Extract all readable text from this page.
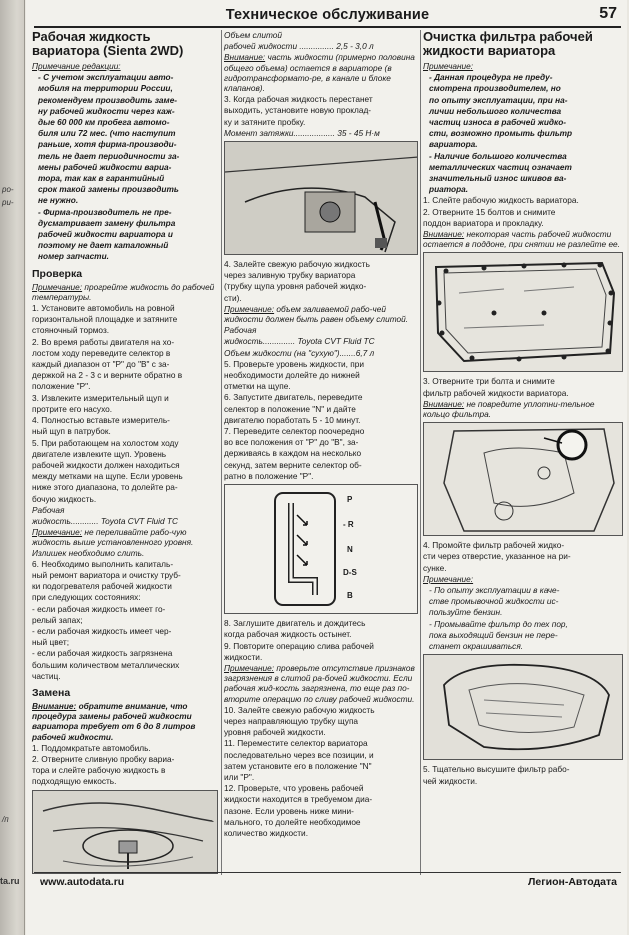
ро-
ри-
/п
ta.ru
Техническое обслуживание	57
Рабочая жидкость вариатора (Sienta 2WD)

Примечание редакции:

- С учетом эксплуатации авто-

мобиля на территории России,

рекомендуем производить заме-

ну рабочей жидкости через каж-

дые 60 000 км пробега автомо-

биля или 72 мес. (что наступит

раньше, хотя фирма-производи-

тель не дает периодичности за-

мены рабочей жидкости вариа-

тора, так как в гарантийный

срок такой замены производить

не нужно.

- Фирма-производитель не пре-

дусматривает замену фильтра

рабочей жидкости вариатора и

поэтому не дает каталожный

номер запчасти.

Проверка

Примечание: прогрейте жидкость до рабочей температуры.

1. Установите автомобиль на ровной

горизонтальной площадке и затяните

стояночный тормоз.

2. Во время работы двигателя на хо-

лостом ходу переведите селектор в

каждый диапазон от "P" до "B" с за-

держкой на 2 - 3 с и верните обратно в

положение "P".

3. Извлеките измерительный щуп и

протрите его насухо.

4. Полностью вставьте измеритель-

ный щуп в патрубок.

5. При работающем на холостом ходу

двигателе извлеките щуп. Уровень

рабочей жидкости должен находиться

между метками на щупе. Если уровень

ниже этого диапазона, то долейте ра-

бочую жидкость.

Рабочая

жидкость............ Toyota CVT Fluid TC

Примечание: не переливайте рабо-чую жидкость выше установленного уровня. Излишек необходимо слить.

6. Необходимо выполнить капиталь-

ный ремонт вариатора и очистку труб-

ки подогревателя рабочей жидкости

при следующих состояниях:

- если рабочая жидкость имеет го-

релый запах;

- если рабочая жидкость имеет чер-

ный цвет;

- если рабочая жидкость загрязнена

большим количеством металлических

частиц.

Замена

Внимание: обратите внимание, что процедура замены рабочей жидкости вариатора требует от 6 до 8 литров рабочей жидкости.

1. Поддомкратьте автомобиль.

2. Отверните сливную пробку вариа-

тора и слейте рабочую жидкость в

подходящую емкость.

Объем слитой

рабочей жидкости ............... 2,5 - 3,0 л

Внимание: часть жидкости (примерно половина общего объема) остается в вариаторе (в гидротрансформато-ре, в канале и блоке клапанов).

3. Когда рабочая жидкость перестанет

выходить, установите новую проклад-

ку и затяните пробку.

Момент затяжки.................. 35 - 45 Н·м

4. Залейте свежую рабочую жидкость

через заливную трубку вариатора

(трубку щупа уровня рабочей жидко-

сти).

Примечание: объем заливаемой рабо-чей жидкости должен быть равен объему слитой.

Рабочая

жидкость.............. Toyota CVT Fluid TC

Объем жидкости (на "сухую").......6,7 л

5. Проверьте уровень жидкости, при

необходимости долейте до нижней

отметки на щупе.

6. Запустите двигатель, переведите

селектор в положение "N" и дайте

двигателю поработать 5 - 10 минут.

7. Переведите селектор поочередно

во все положения от "P" до "B", за-

держиваясь в каждом на несколько

секунд, затем верните селектор об-

ратно в положение "P".

P
- R
N
D-S
B

8. Заглушите двигатель и дождитесь

когда рабочая жидкость остынет.

9. Повторите операцию слива рабочей

жидкости.

Примечание: проверьте отсутствие признаков загрязнения в слитой ра-бочей жидкости. Если рабочая жид-кость загрязнена, то еще раз по-вторите операцию по сливу рабочей жидкости.

10. Залейте свежую рабочую жидкость

через направляющую трубку щупа

уровня рабочей жидкости.

11. Переместите селектор вариатора

последовательно через все позиции, и

затем установите его в положение "N"

или "P".

12. Проверьте, что уровень рабочей

жидкости находится в требуемом диа-

пазоне. Если уровень ниже мини-

мального, то долейте необходимое

количество жидкости.

Очистка фильтра рабочей жидкости вариатора

Примечание:

- Данная процедура не преду-

смотрена производителем, но

по опыту эксплуатации, при на-

личии небольшого количества

частиц износа в рабочей жидко-

сти, возможно промыть фильтр

вариатора.

- Наличие большого количества

металлических частиц означает

значительный износ шкивов ва-

риатора.

1. Слейте рабочую жидкость вариатора.

2. Отверните 15 болтов и снимите

поддон вариатора и прокладку.

Внимание: некоторая часть рабочей жидкости остается в поддоне, при снятии не разлейте ее.

3. Отверните три болта и снимите

фильтр рабочей жидкости вариатора.

Внимание: не повредите уплотни-тельное кольцо фильтра.

4. Промойте фильтр рабочей жидко-

сти через отверстие, указанное на ри-

сунке.

Примечание:

- По опыту эксплуатации в каче-

стве промывочной жидкости ис-

пользуйте бензин.

- Промывайте фильтр до тех пор,

пока выходящий бензин не пере-

станет окрашиваться.

5. Тщательно высушите фильтр рабо-

чей жидкости.

www.autodata.ru	Легион-Автодата
